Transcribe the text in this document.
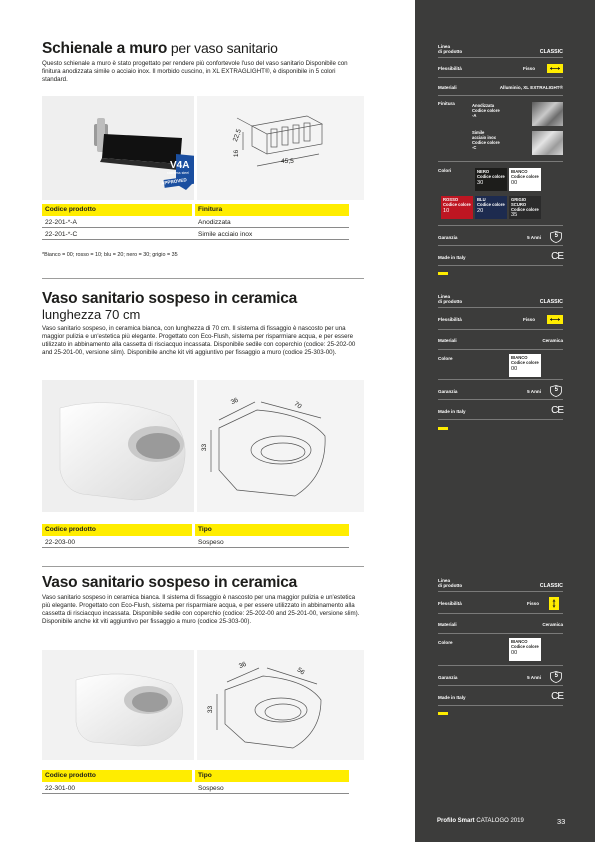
Schienale a muro per vaso sanitario
Questo schienale a muro è stato progettato per rendere più confortevole l'uso del vaso sanitario Disponibile con finitura anodizzata simile o acciaio inox. Il morbido cuscino, in XL EXTRAGLIGHT®, è disponibile in 5 colori standard.
V4A
stainless steel
APPROVED
22,5
45,5
16
Codice prodotto	Finitura
22-201-*-A	Anodizzata
22-201-*-C	Simile acciaio inox
*Bianco = 00; rosso = 10; blu = 20; nero = 30; grigio = 35
Vaso sanitario sospeso in ceramica
lunghezza 70 cm
Vaso sanitario sospeso, in ceramica bianca, con lunghezza di 70 cm. Il sistema di fissaggio è nascosto per una maggior pulizia e un'estetica più elegante. Progettato con Eco-Flush, sistema per risparmiare acqua, e per essere utilizzato in abbinamento alla cassetta di risciacquo incassata. Disponibile sedile con coperchio (codice: 25-202-00 and 25-201-00, versione slim). Disponibile anche kit viti aggiuntivo per fissaggio a muro (codice 25-303-00).
36	70
33
Codice prodotto	Tipo
22-203-00	Sospeso
Vaso sanitario sospeso in ceramica
Vaso sanitario sospeso in ceramica bianca. Il sistema di fissaggio è nascosto per una maggior pulizia e un'estetica più elegante. Progettato con Eco-Flush, sistema per risparmiare acqua, e per essere utilizzato in abbinamento alla cassetta di risciacquo incassata. Disponibile sedile con coperchio (codice: 25-202-00 and 25-201-00, versione slim). Disponibile anche kit viti aggiuntivo per fissaggio a muro (codice 25-303-00).
36
56
33
Codice prodotto	Tipo
22-301-00	Sospeso
Linea
di prodotto	CLASSIC
Flessibilità	Fisso
Materiali	Alluminio, XL EXTRALIGHT®
Finitura	Anodizzata
Codice colore
-A
Simile
acciaio inox
Codice colore
-C
Colori	NERO
Codice colore
30
BIANCO
Codice colore
00
ROSSO
Codice colore
10
BLU
Codice colore
20
GRIGIO SCURO
Codice colore
35
Garanzia	5 Anni 5
Made in Italy	CE
Linea
di prodotto	CLASSIC
Flessibilità	Fisso
Materiali	Ceramica
Colore	BIANCO
Codice colore
00
Garanzia	5 Anni 5
Made in Italy	CE
Linea
di prodotto	CLASSIC
Flessibilità	Fisso
Materiali	Ceramica
Colore	BIANCO
Codice colore
00
Garanzia	5 Anni 5
Made in Italy	CE
Profilo Smart CATALOGO 2019	33
